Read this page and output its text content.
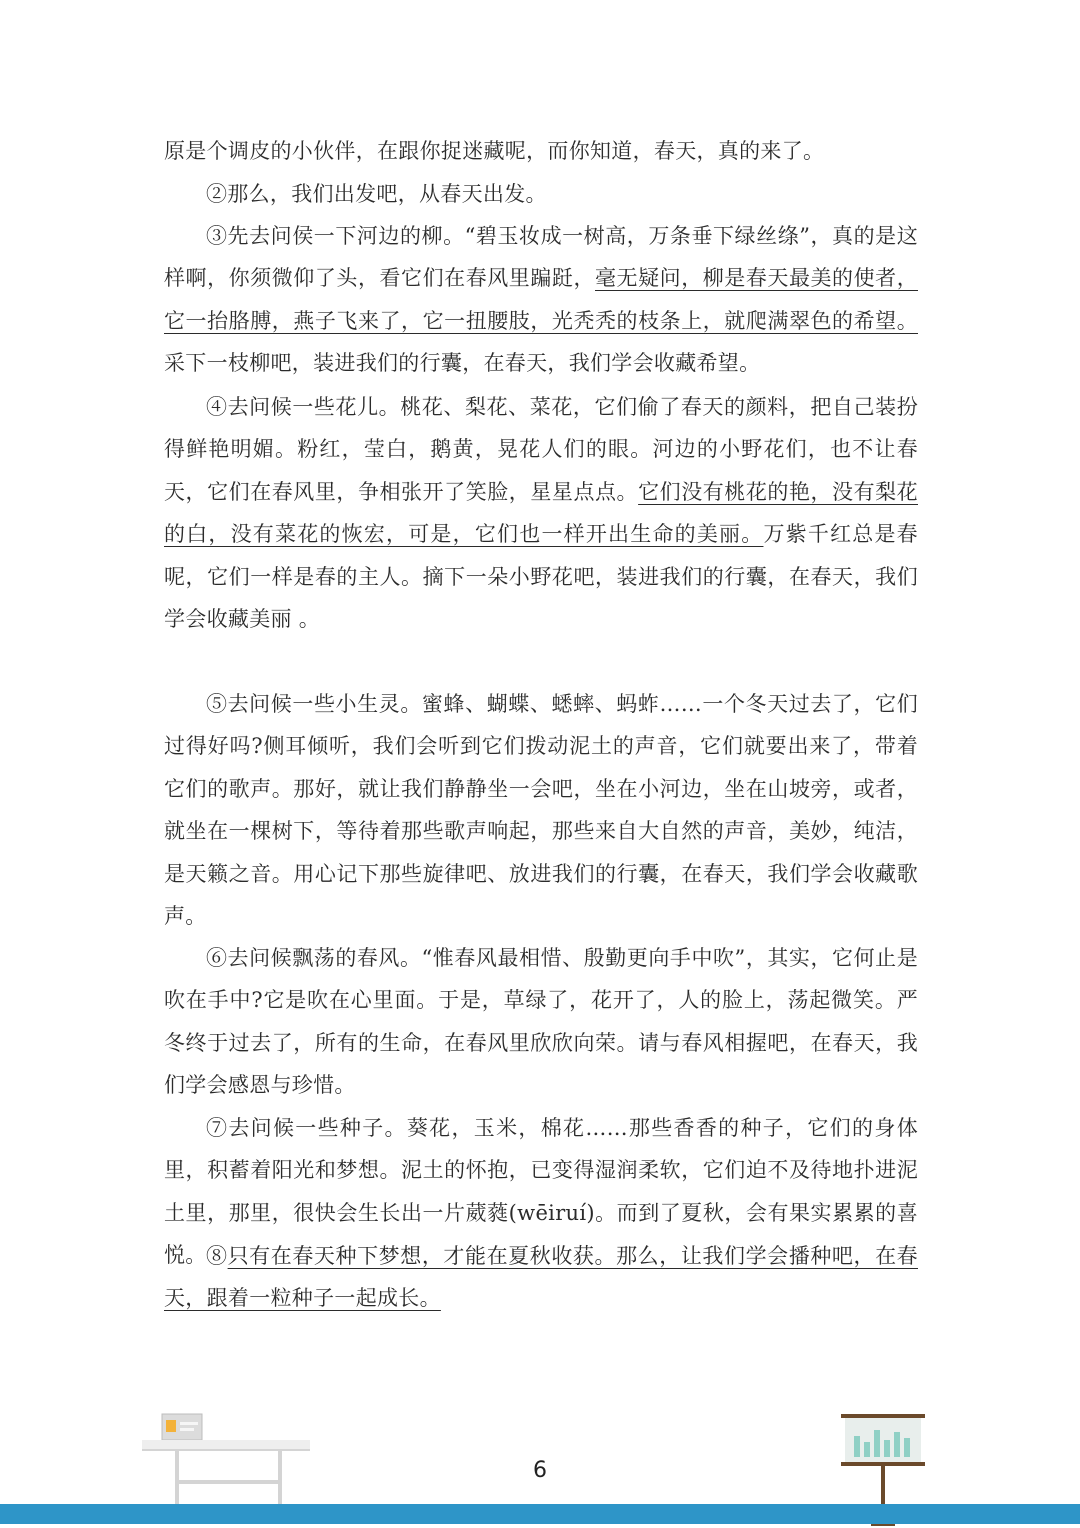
原是个调皮的小伙伴，在跟你捉迷藏呢，而你知道，春天，真的来了。

②那么，我们出发吧，从春天出发。

③先去问侯一下河边的柳。“碧玉妆成一树高，万条垂下绿丝绦”，真的是这样啊，你须微仰了头，看它们在春风里蹁跹，毫无疑问，柳是春天最美的使者，它一抬胳膊，燕子飞来了，它一扭腰肢，光秃秃的枝条上，就爬满翠色的希望。采下一枝柳吧，装进我们的行囊，在春天，我们学会收藏希望。

④去问候一些花儿。桃花、梨花、菜花，它们偷了春天的颜料，把自己装扮得鲜艳明媚。粉红，莹白，鹅黄，晃花人们的眼。河边的小野花们，也不让春天，它们在春风里，争相张开了笑脸，星星点点。它们没有桃花的艳，没有梨花的白，没有菜花的恢宏，可是，它们也一样开出生命的美丽。万紫千红总是春呢，它们一样是春的主人。摘下一朵小野花吧，装进我们的行囊，在春天，我们学会收藏美丽 。

⑤去问候一些小生灵。蜜蜂、蝴蝶、蟋蟀、蚂蚱……一个冬天过去了，它们过得好吗?侧耳倾听，我们会听到它们拨动泥土的声音，它们就要出来了，带着它们的歌声。那好，就让我们静静坐一会吧，坐在小河边，坐在山坡旁，或者，就坐在一棵树下，等待着那些歌声响起，那些来自大自然的声音，美妙，纯洁，是天籁之音。用心记下那些旋律吧、放进我们的行囊，在春天，我们学会收藏歌声。

⑥去问候飘荡的春风。“惟春风最相惜、殷勤更向手中吹”，其实，它何止是吹在手中?它是吹在心里面。于是，草绿了，花开了，人的脸上，荡起微笑。严冬终于过去了，所有的生命，在春风里欣欣向荣。请与春风相握吧，在春天，我们学会感恩与珍惜。

⑦去问候一些种子。葵花，玉米，棉花……那些香香的种子，它们的身体里，积蓄着阳光和梦想。泥土的怀抱，已变得湿润柔软，它们迫不及待地扑进泥土里，那里，很快会生长出一片葳蕤(wēiruí)。而到了夏秋，会有果实累累的喜悦。 ⑧只有在春天种下梦想，才能在夏秋收获。那么，让我们学会播种吧，在春天，跟着一粒种子一起成长。

6
